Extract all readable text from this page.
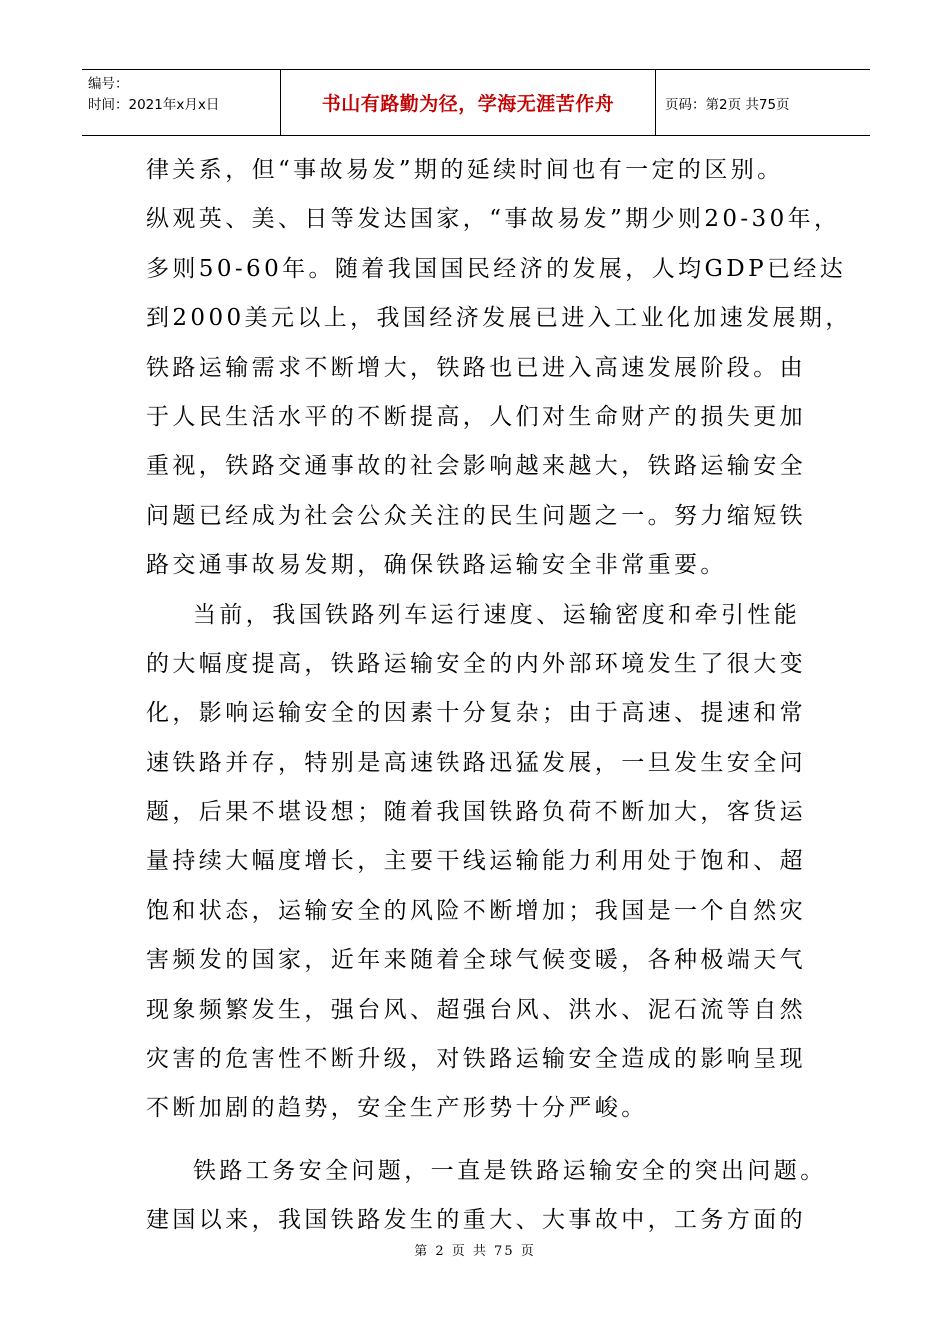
编号：
时间：2021年x月x日	书山有路勤为径，学海无涯苦作舟	页码：第2页 共75页
律关系，但“事故易发”期的延续时间也有一定的区别。
纵观英、美、日等发达国家，“事故易发”期少则20-30年，
多则50-60年。随着我国国民经济的发展，人均GDP已经达
到2000美元以上，我国经济发展已进入工业化加速发展期，
铁路运输需求不断增大，铁路也已进入高速发展阶段。由
于人民生活水平的不断提高，人们对生命财产的损失更加
重视，铁路交通事故的社会影响越来越大，铁路运输安全
问题已经成为社会公众关注的民生问题之一。努力缩短铁
路交通事故易发期，确保铁路运输安全非常重要。
当前，我国铁路列车运行速度、运输密度和牵引性能
的大幅度提高，铁路运输安全的内外部环境发生了很大变
化，影响运输安全的因素十分复杂；由于高速、提速和常
速铁路并存，特别是高速铁路迅猛发展，一旦发生安全问
题，后果不堪设想；随着我国铁路负荷不断加大，客货运
量持续大幅度增长，主要干线运输能力利用处于饱和、超
饱和状态，运输安全的风险不断增加；我国是一个自然灾
害频发的国家，近年来随着全球气候变暖，各种极端天气
现象频繁发生，强台风、超强台风、洪水、泥石流等自然
灾害的危害性不断升级，对铁路运输安全造成的影响呈现
不断加剧的趋势，安全生产形势十分严峻。
铁路工务安全问题，一直是铁路运输安全的突出问题。
建国以来，我国铁路发生的重大、大事故中，工务方面的
第 2 页 共 75 页
